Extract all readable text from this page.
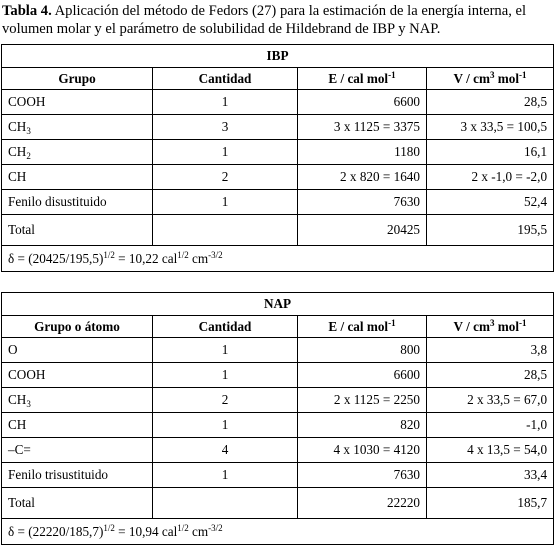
Tabla 4. Aplicación del método de Fedors (27) para la estimación de la energía interna, el volumen molar y el parámetro de solubilidad de Hildebrand de IBP y NAP.
IBP			
Grupo	Cantidad	E / cal mol$^{-1}$	V / $cm^3$ mol$^{-1}$
COOH	1	6600	28,5
$CH_3$	3	3 x 1125 = 3375	3 x 33,5 = 100,5
$CH_2$	1	1180	16,1
CH	2	2 x 820 = 1640	2 x -1,0 = -2,0
Fenilo disustituido	1	7630	52,4
Total		20425	195,5
$\delta = (20425/195,5)^{1/2} = 10,22$ cal$^{1/2}$ $cm^{-3/2}$
NAP			
Grupo o átomo	Cantidad	E / cal mol$^{-1}$	V / $cm^3$ mol$^{-1}$
O	1	800	3,8
COOH	1	6600	28,5
$CH_3$	2	2 x 1125 = 2250	2 x 33,5 = 67,0
CH	1	820	-1,0
–C=	4	4 x 1030 = 4120	4 x 13,5 = 54,0
Fenilo trisustituido	1	7630	33,4
Total		22220	185,7
$\delta = (22220/185,7)^{1/2} = 10,94$ cal$^{1/2}$ $cm^{-3/2}$
